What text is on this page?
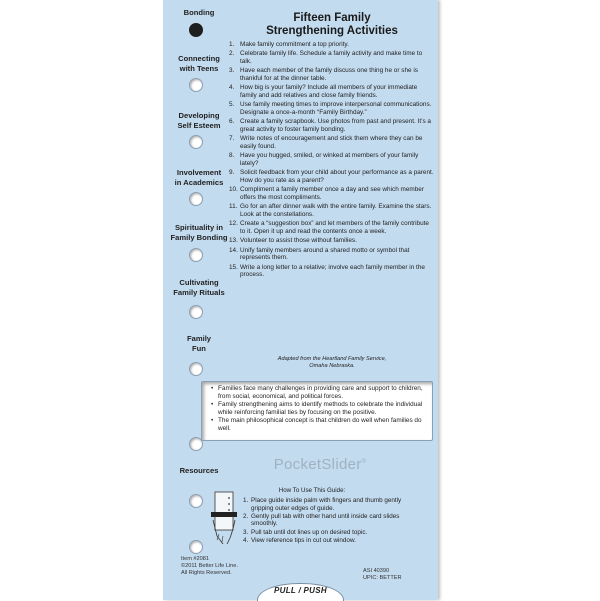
Bonding
Connecting
with Teens
Developing
Self Esteem
Involvement
in Academics
Spirituality in
Family Bonding
Cultivating
Family Rituals
Family
Fun
Resources
Fifteen Family
Strengthening Activities
1. Make family commitment a top priority.
2. Celebrate family life. Schedule a family activity and make time to talk.
3. Have each member of the family discuss one thing he or she is thankful for at the dinner table.
4. How big is your family? Include all members of your immediate family and add relatives and close family friends.
5. Use family meeting times to improve interpersonal communications. Designate a once-a-month “Family Birthday.”
6. Create a family scrapbook. Use photos from past and present. It’s a great activity to foster family bonding.
7. Write notes of encouragement and stick them where they can be easily found.
8. Have you hugged, smiled, or winked at members of your family lately?
9. Solicit feedback from your child about your performance as a parent. How do you rate as a parent?
10. Compliment a family member once a day and see which member offers the most compliments.
11. Go for an after dinner walk with the entire family. Examine the stars. Look at the constellations.
12. Create a “suggestion box” and let members of the family contribute to it. Open it up and read the contents once a week.
13. Volunteer to assist those without families.
14. Unify family members around a shared motto or symbol that represents them.
15. Write a long letter to a relative; involve each family member in the process.
Adapted from the Heartland Family Service,
Omaha Nebraska.
• Families face many challenges in providing care and support to children, from social, economical, and political forces.
• Family strengthening aims to identify methods to celebrate the individual while reinforcing familial ties by focusing on the positive.
• The main philosophical concept is that children do well when families do well.
PocketSlider®
How To Use This Guide:
1. Place guide inside palm with fingers and thumb gently gripping outer edges of guide.
2. Gently pull tab with other hand until inside card slides smoothly.
3. Pull tab until dot lines up on desired topic.
4. View reference tips in cut out window.
Item #2081
©2011 Better Life Line.
All Rights Reserved.	ASI 40390
UPIC: BETTER
PULL / PUSH
